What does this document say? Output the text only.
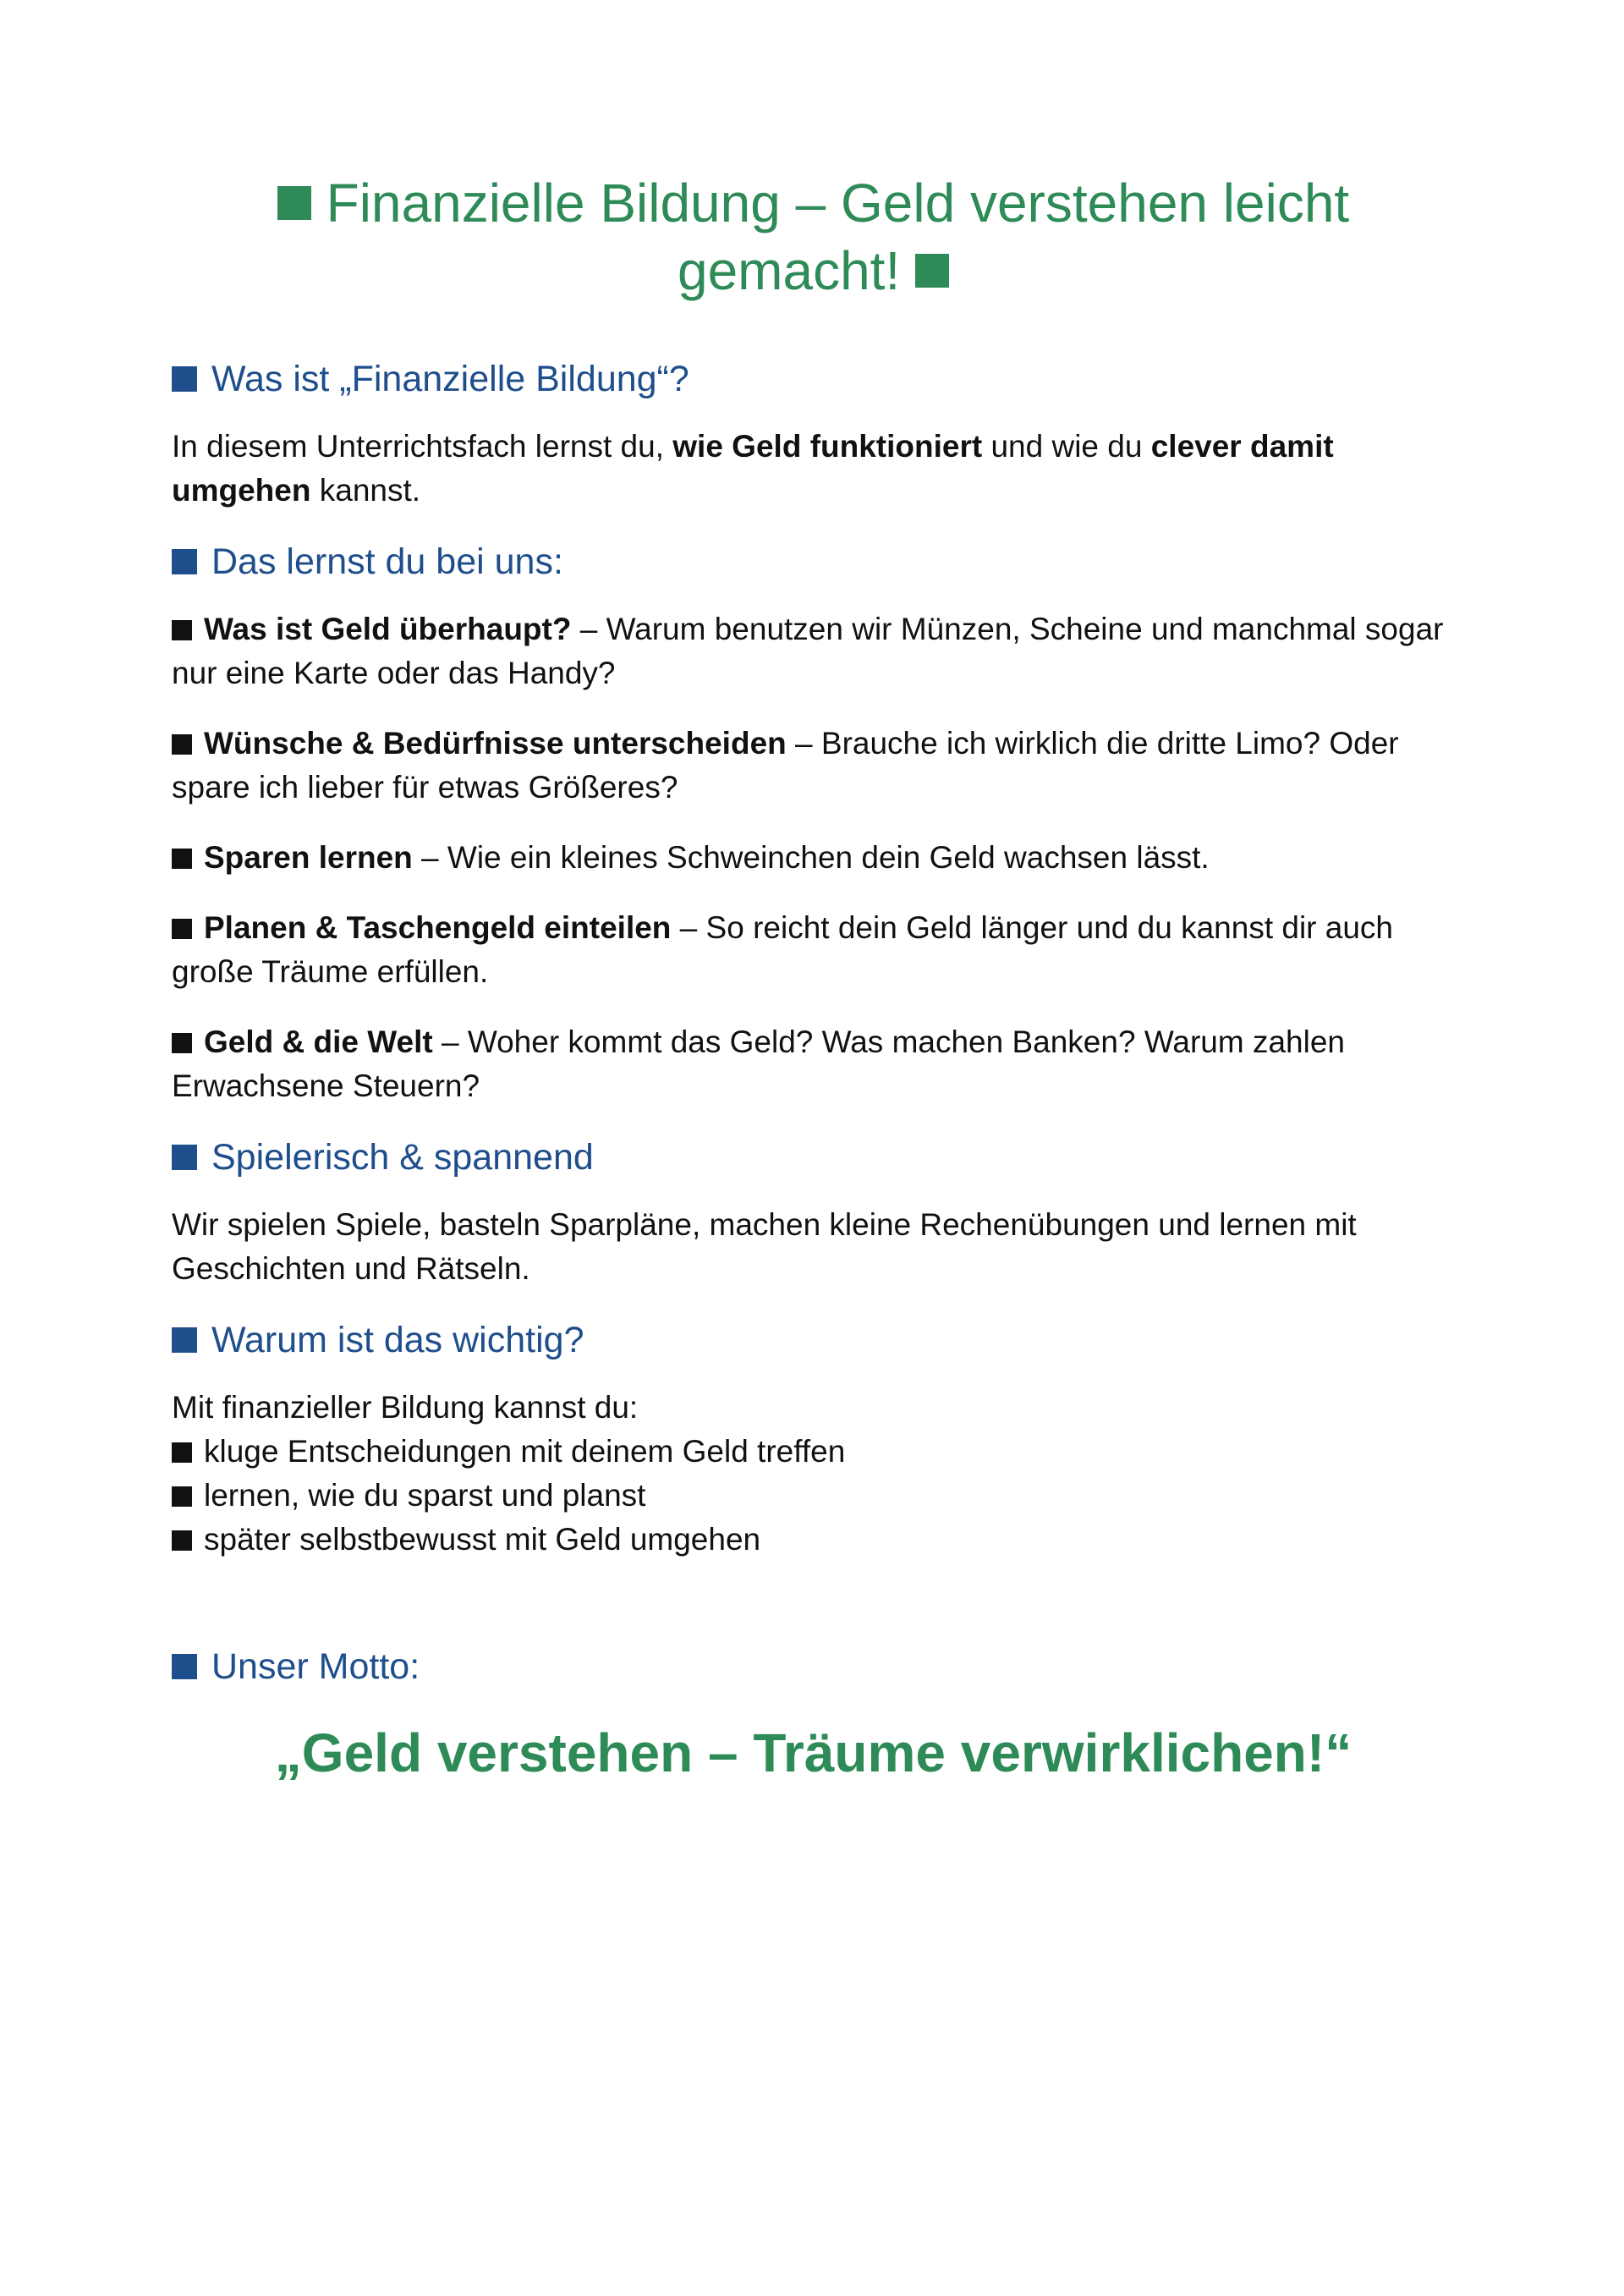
Finanzielle Bildung – Geld verstehen leicht
gemacht!
Was ist „Finanzielle Bildung“?

In diesem Unterrichtsfach lernst du, wie Geld funktioniert und wie du clever damit umgehen kannst.

Das lernst du bei uns:

Was ist Geld überhaupt? – Warum benutzen wir Münzen, Scheine und manchmal sogar nur eine Karte oder das Handy?

Wünsche & Bedürfnisse unterscheiden – Brauche ich wirklich die dritte Limo? Oder spare ich lieber für etwas Größeres?

Sparen lernen – Wie ein kleines Schweinchen dein Geld wachsen lässt.

Planen & Taschengeld einteilen – So reicht dein Geld länger und du kannst dir auch große Träume erfüllen.

Geld & die Welt – Woher kommt das Geld? Was machen Banken? Warum zahlen Erwachsene Steuern?

Spielerisch & spannend

Wir spielen Spiele, basteln Sparpläne, machen kleine Rechenübungen und lernen mit Geschichten und Rätseln.

Warum ist das wichtig?

Mit finanzieller Bildung kannst du:

kluge Entscheidungen mit deinem Geld treffen

lernen, wie du sparst und planst

später selbstbewusst mit Geld umgehen

Unser Motto:

„Geld verstehen – Träume verwirklichen!“
